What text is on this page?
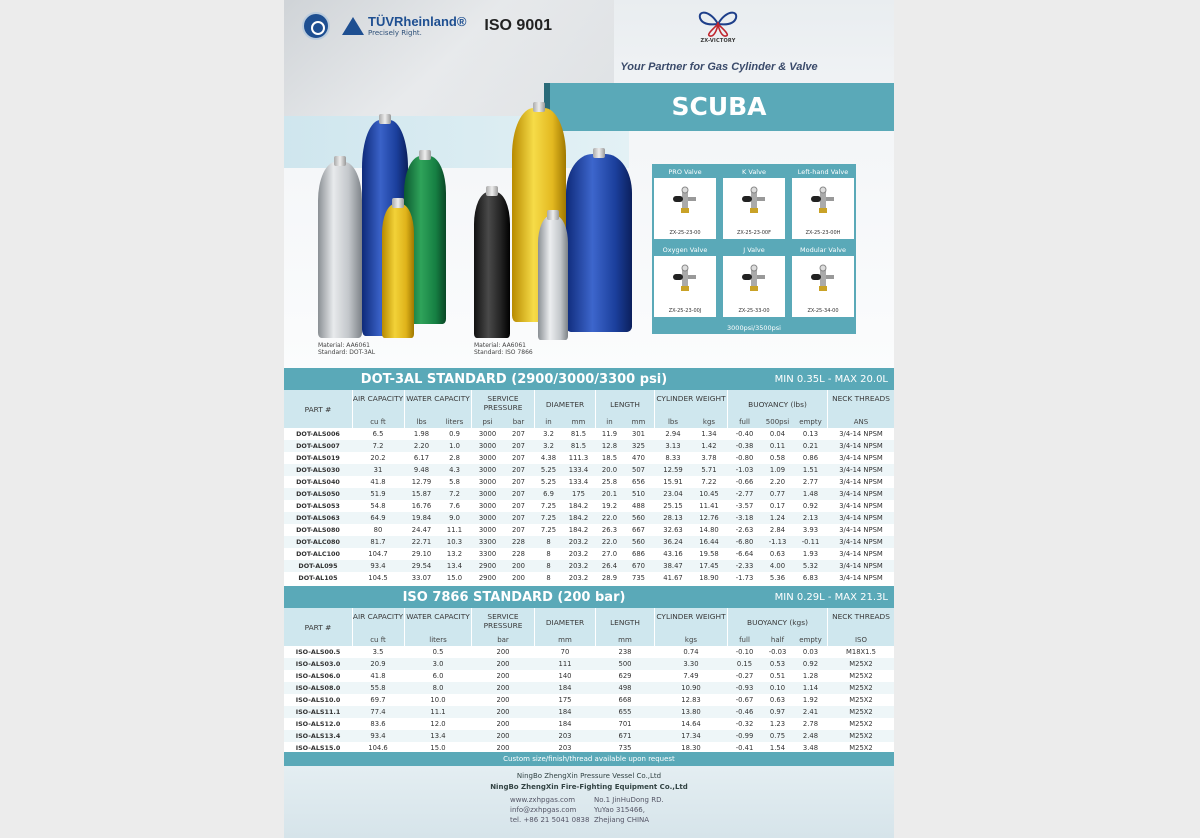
TÜVRheinland®
Precisely Right.	ISO 9001
ZX-VICTORY
Your Partner for Gas Cylinder & Valve
SCUBA
Material: AA6061
Standard: DOT-3AL
Material: AA6061
Standard: ISO 7866
PRO Valve
ZX-25-23-00
K Valve
ZX-25-23-00F
Left-hand Valve
ZX-25-23-00H
Oxygen Valve
ZX-25-23-00J
J Valve
ZX-25-33-00
Modular Valve
ZX-25-34-00
3000psi/3500psi
DOT-3AL STANDARD (2900/3000/3300 psi)	MIN 0.35L - MAX 20.0L
PART #
AIR CAPACITY WATER CAPACITY	SERVICE PRESSURE	DIAMETER	LENGTH
CYLINDER WEIGHT
BUOYANCY (lbs)
NECK THREADS
cu ft	lbs	liters	psi	bar	in	mm	in	mm	lbs	kgs	full	500psi	empty	ANS
DOT-ALS006	6.5	1.98	0.9	3000	207	3.2	81.5	11.9	301	2.94	1.34	-0.40	0.04	0.13	3/4-14 NPSM
DOT-ALS007	7.2	2.20	1.0	3000	207	3.2	81.5	12.8	325	3.13	1.42	-0.38	0.11	0.21	3/4-14 NPSM
DOT-ALS019	20.2	6.17	2.8	3000	207	4.38	111.3	18.5	470	8.33	3.78	-0.80	0.58	0.86	3/4-14 NPSM
DOT-ALS030	31	9.48	4.3	3000	207	5.25	133.4	20.0	507	12.59	5.71	-1.03	1.09	1.51	3/4-14 NPSM
DOT-ALS040	41.8	12.79	5.8	3000	207	5.25	133.4	25.8	656	15.91	7.22	-0.66	2.20	2.77	3/4-14 NPSM
DOT-ALS050	51.9	15.87	7.2	3000	207	6.9	175	20.1	510	23.04	10.45	-2.77	0.77	1.48	3/4-14 NPSM
DOT-ALS053	54.8	16.76	7.6	3000	207	7.25	184.2	19.2	488	25.15	11.41	-3.57	0.17	0.92	3/4-14 NPSM
DOT-ALS063	64.9	19.84	9.0	3000	207	7.25	184.2	22.0	560	28.13	12.76	-3.18	1.24	2.13	3/4-14 NPSM
DOT-ALS080	80	24.47	11.1	3000	207	7.25	184.2	26.3	667	32.63	14.80	-2.63	2.84	3.93	3/4-14 NPSM
DOT-ALC080	81.7	22.71	10.3	3300	228	8	203.2	22.0	560	36.24	16.44	-6.80	-1.13	-0.11	3/4-14 NPSM
DOT-ALC100	104.7	29.10	13.2	3300	228	8	203.2	27.0	686	43.16	19.58	-6.64	0.63	1.93	3/4-14 NPSM
DOT-AL095	93.4	29.54	13.4	2900	200	8	203.2	26.4	670	38.47	17.45	-2.33	4.00	5.32	3/4-14 NPSM
DOT-AL105	104.5	33.07	15.0	2900	200	8	203.2	28.9	735	41.67	18.90	-1.73	5.36	6.83	3/4-14 NPSM
ISO 7866 STANDARD (200 bar)	MIN 0.29L - MAX 21.3L
PART #
AIR CAPACITY WATER CAPACITY	SERVICE PRESSURE	DIAMETER	LENGTH
CYLINDER WEIGHT
BUOYANCY (kgs)
NECK THREADS
cu ft	liters	bar	mm	mm	kgs	full	half	empty	ISO
ISO-ALS00.5	3.5	0.5	200	70	238	0.74	-0.10	-0.03	0.03	M18X1.5
ISO-ALS03.0	20.9	3.0	200	111	500	3.30	0.15	0.53	0.92	M25X2
ISO-ALS06.0	41.8	6.0	200	140	629	7.49	-0.27	0.51	1.28	M25X2
ISO-ALS08.0	55.8	8.0	200	184	498	10.90	-0.93	0.10	1.14	M25X2
ISO-ALS10.0	69.7	10.0	200	175	668	12.83	-0.67	0.63	1.92	M25X2
ISO-ALS11.1	77.4	11.1	200	184	655	13.80	-0.46	0.97	2.41	M25X2
ISO-ALS12.0	83.6	12.0	200	184	701	14.64	-0.32	1.23	2.78	M25X2
ISO-ALS13.4	93.4	13.4	200	203	671	17.34	-0.99	0.75	2.48	M25X2
ISO-ALS15.0	104.6	15.0	200	203	735	18.30	-0.41	1.54	3.48	M25X2
Custom size/finish/thread available upon request
NingBo ZhengXin Pressure Vessel Co.,Ltd
NingBo ZhengXin Fire-Fighting Equipment Co.,Ltd
www.zxhpgas.com
info@zxhpgas.com
tel. +86 21 5041 0838
No.1 JinHuDong RD.
YuYao 315466,
Zhejiang CHINA
